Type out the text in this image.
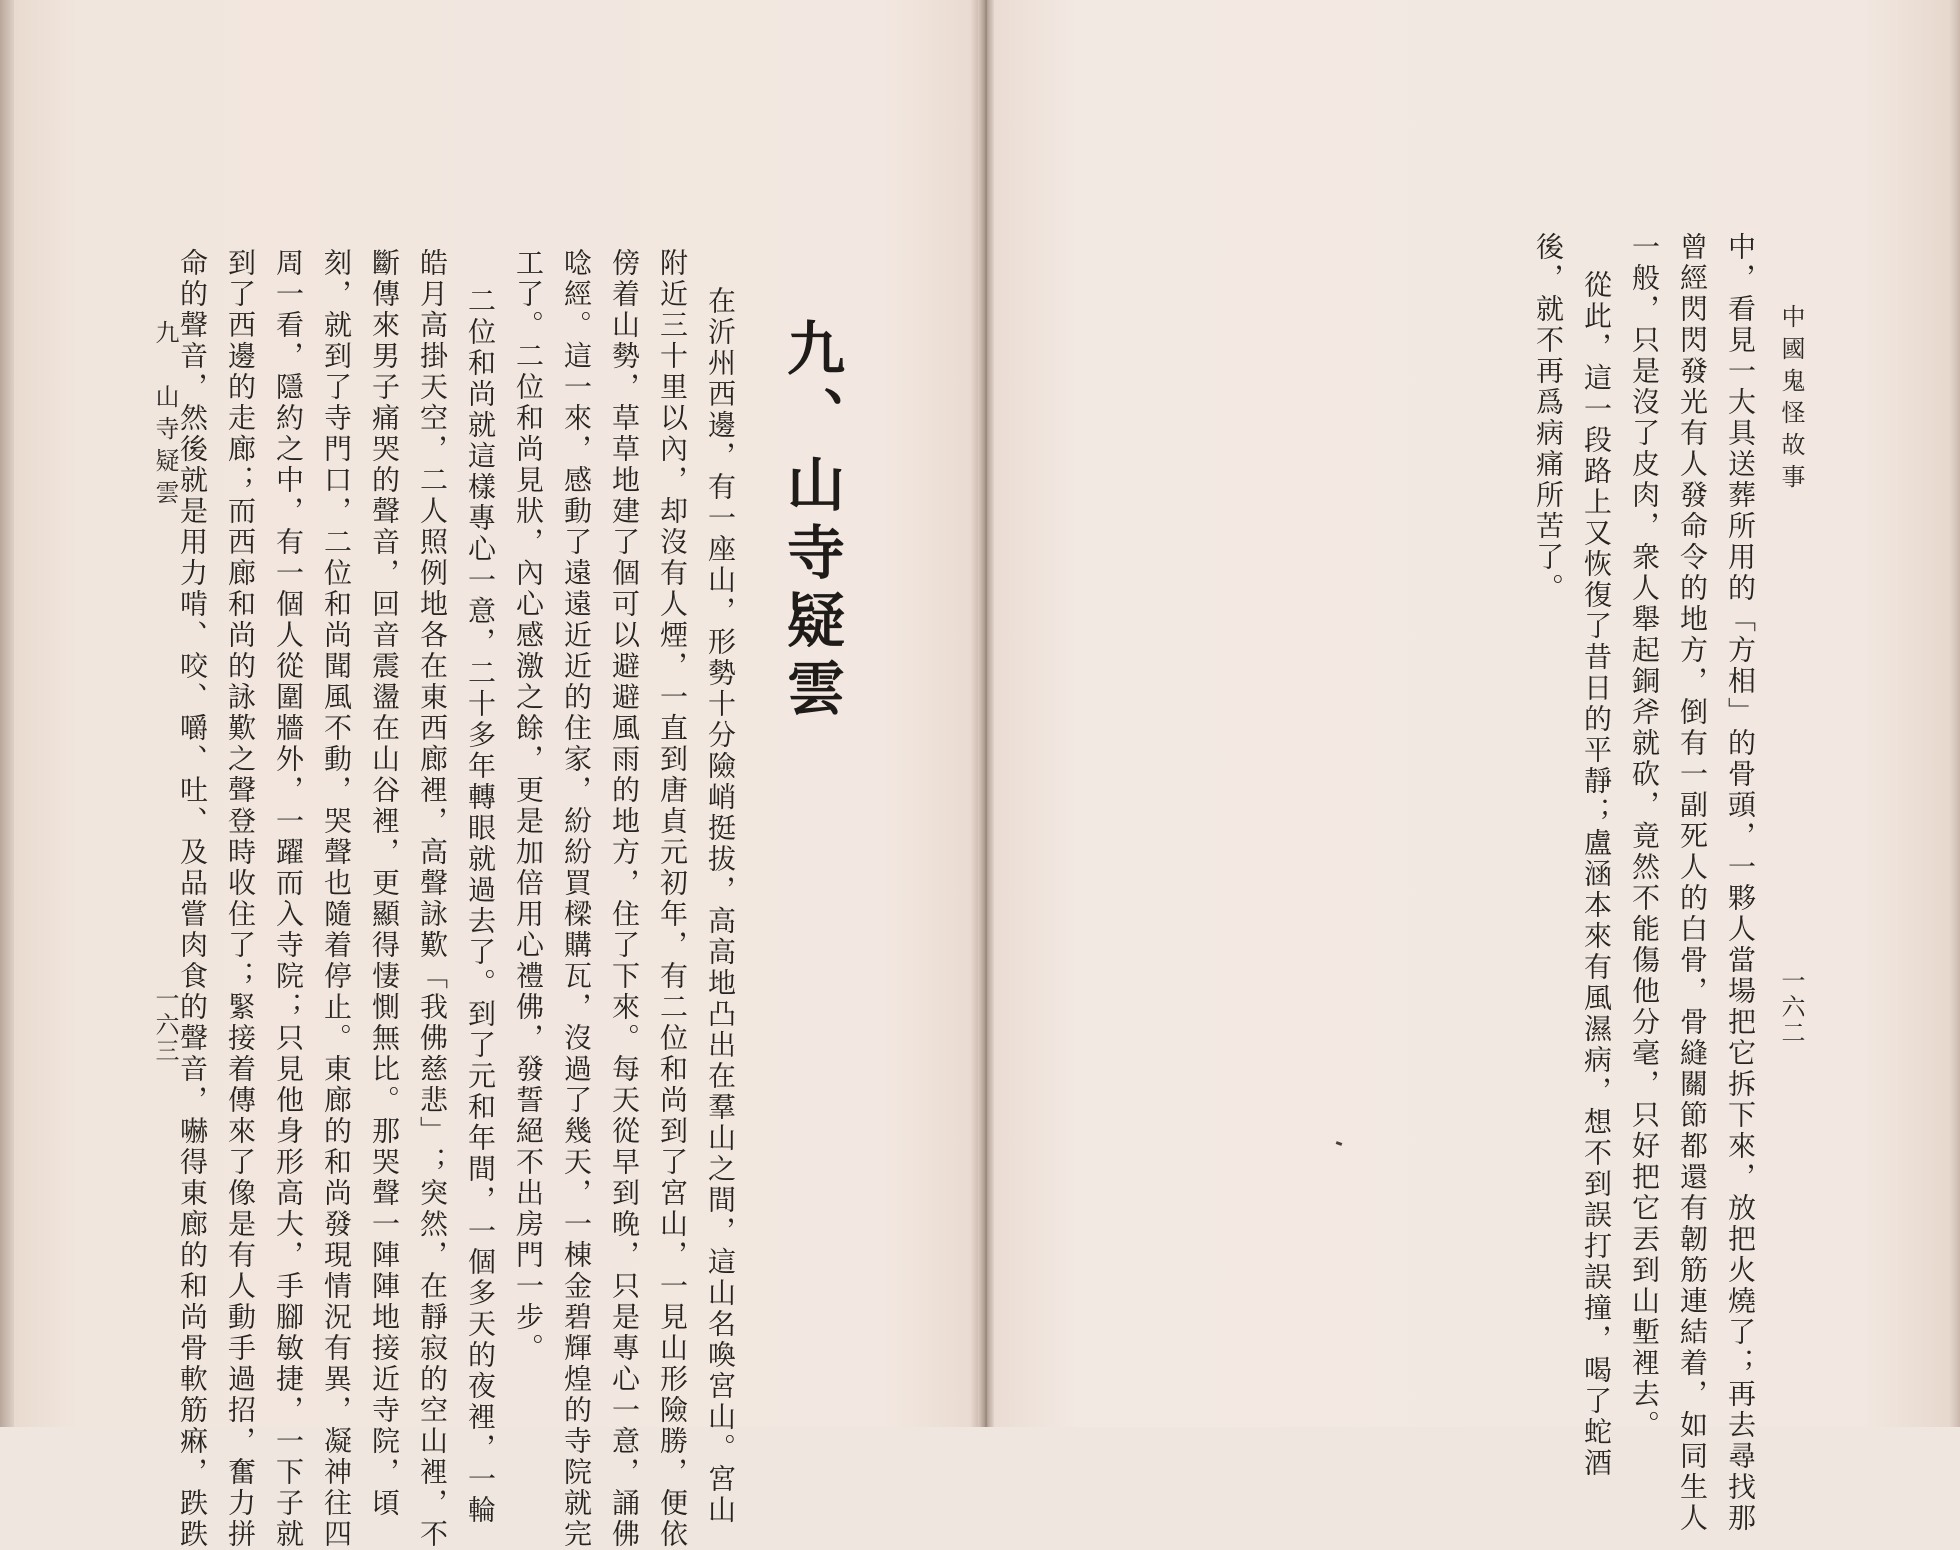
九、山寺疑雲
在沂州西邊，有一座山，形勢十分險峭挺拔，高高地凸出在羣山之間，這山名喚宮山。宮山
附近三十里以內，却沒有人煙，一直到唐貞元初年，有二位和尚到了宮山，一見山形險勝，便依
傍着山勢，草草地建了個可以避避風雨的地方，住了下來。每天從早到晚，只是專心一意，誦佛
唸經。這一來，感動了遠遠近近的住家，紛紛買樑購瓦，沒過了幾天，一棟金碧輝煌的寺院就完
工了。二位和尚見狀，內心感激之餘，更是加倍用心禮佛，發誓絕不出房門一步。
二位和尚就這樣專心一意，二十多年轉眼就過去了。到了元和年間，一個多天的夜裡，一輪
皓月高掛天空，二人照例地各在東西廊裡，高聲詠歎「我佛慈悲」；突然，在靜寂的空山裡，不
斷傳來男子痛哭的聲音，回音震盪在山谷裡，更顯得悽惻無比。那哭聲一陣陣地接近寺院，頃
刻，就到了寺門口，二位和尚聞風不動，哭聲也隨着停止。東廊的和尚發現情況有異，凝神往四
周一看，隱約之中，有一個人從圍牆外，一躍而入寺院；只見他身形高大，手腳敏捷，一下子就
到了西邊的走廊；而西廊和尚的詠歎之聲登時收住了；緊接着傳來了像是有人動手過招，奮力拼
命的聲音，然後就是用力啃、咬、嚼、吐、及品嘗肉食的聲音，嚇得東廊的和尚骨軟筋痳，跌跌
九　山寺疑雲
一六三
中國鬼怪故事
一六二
中，看見一大具送葬所用的「方相」的骨頭，一夥人當場把它拆下來，放把火燒了；再去尋找那
曾經閃閃發光有人發命令的地方，倒有一副死人的白骨，骨縫關節都還有韌筋連結着，如同生人
一般，只是沒了皮肉，衆人舉起銅斧就砍，竟然不能傷他分毫，只好把它丟到山塹裡去。
從此，這一段路上又恢復了昔日的平靜；盧涵本來有風濕病，想不到誤打誤撞，喝了蛇酒
後，就不再爲病痛所苦了。
